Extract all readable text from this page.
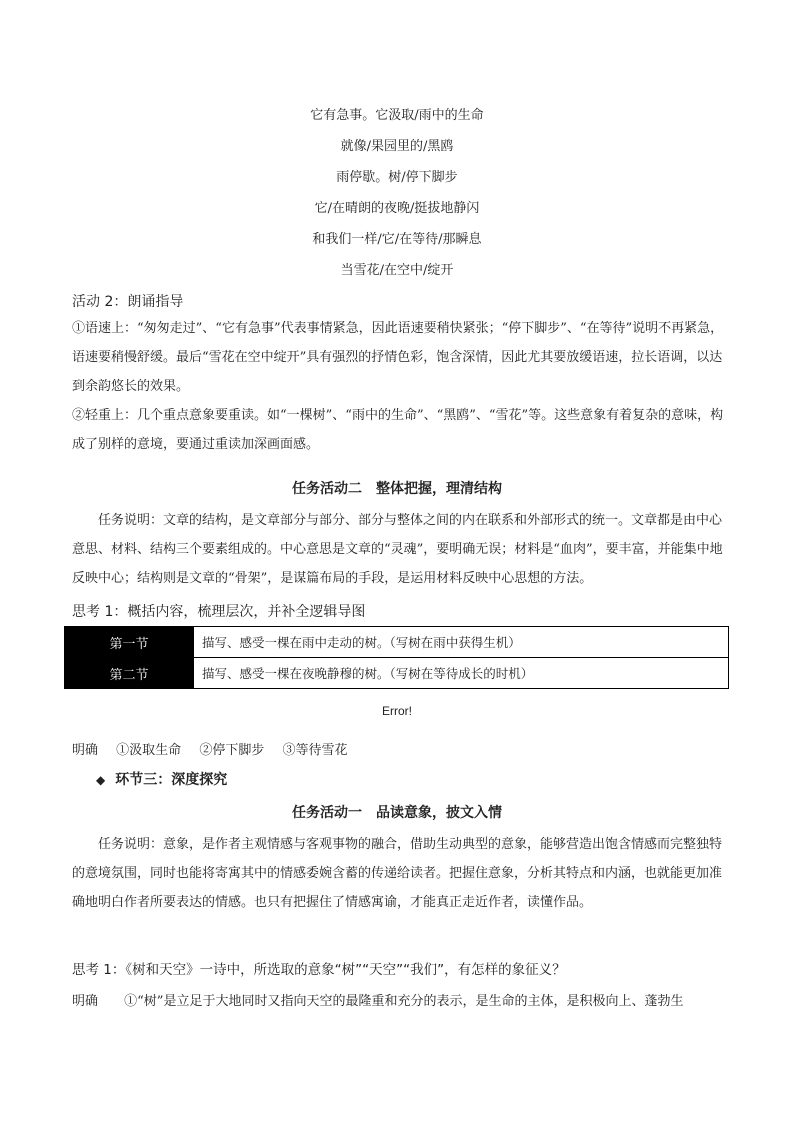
它有急事。它汲取/雨中的生命
就像/果园里的/黑鸥
雨停歇。树/停下脚步
它/在晴朗的夜晚/挺拔地静闪
和我们一样/它/在等待/那瞬息
当雪花/在空中/绽开
活动 2：朗诵指导

①语速上：“匆匆走过”、“它有急事”代表事情紧急，因此语速要稍快紧张；“停下脚步”、“在等待”说明不再紧急，语速要稍慢舒缓。最后“雪花在空中绽开”具有强烈的抒情色彩，饱含深情，因此尤其要放缓语速，拉长语调，以达到余韵悠长的效果。

②轻重上：几个重点意象要重读。如“一棵树”、“雨中的生命”、“黑鸥”、“雪花”等。这些意象有着复杂的意味，构成了别样的意境，要通过重读加深画面感。

任务活动二　整体把握，理清结构

任务说明：文章的结构，是文章部分与部分、部分与整体之间的内在联系和外部形式的统一。文章都是由中心意思、材料、结构三个要素组成的。中心意思是文章的“灵魂”，要明确无误；材料是“血肉”，要丰富，并能集中地反映中心；结构则是文章的“骨架”，是谋篇布局的手段，是运用材料反映中心思想的方法。

思考 1：概括内容，梳理层次，并补全逻辑导图
第一节	描写、感受一棵在雨中走动的树。（写树在雨中获得生机）
第二节	描写、感受一棵在夜晚静穆的树。（写树在等待成长的时机）
Error!
明确 ①汲取生命 ②停下脚步 ③等待雪花
◆ 环节三：深度探究
任务活动一　品读意象，披文入情

任务说明：意象，是作者主观情感与客观事物的融合，借助生动典型的意象，能够营造出饱含情感而完整独特的意境氛围，同时也能将寄寓其中的情感委婉含蓄的传递给读者。把握住意象，分析其特点和内涵，也就能更加准确地明白作者所要表达的情感。也只有把握住了情感寓谕，才能真正走近作者，读懂作品。

思考 1：《树和天空》一诗中，所选取的意象“树”“天空”“我们”，有怎样的象征义？
明确 ①“树”是立足于大地同时又指向天空的最隆重和充分的表示，是生命的主体，是积极向上、蓬勃生
